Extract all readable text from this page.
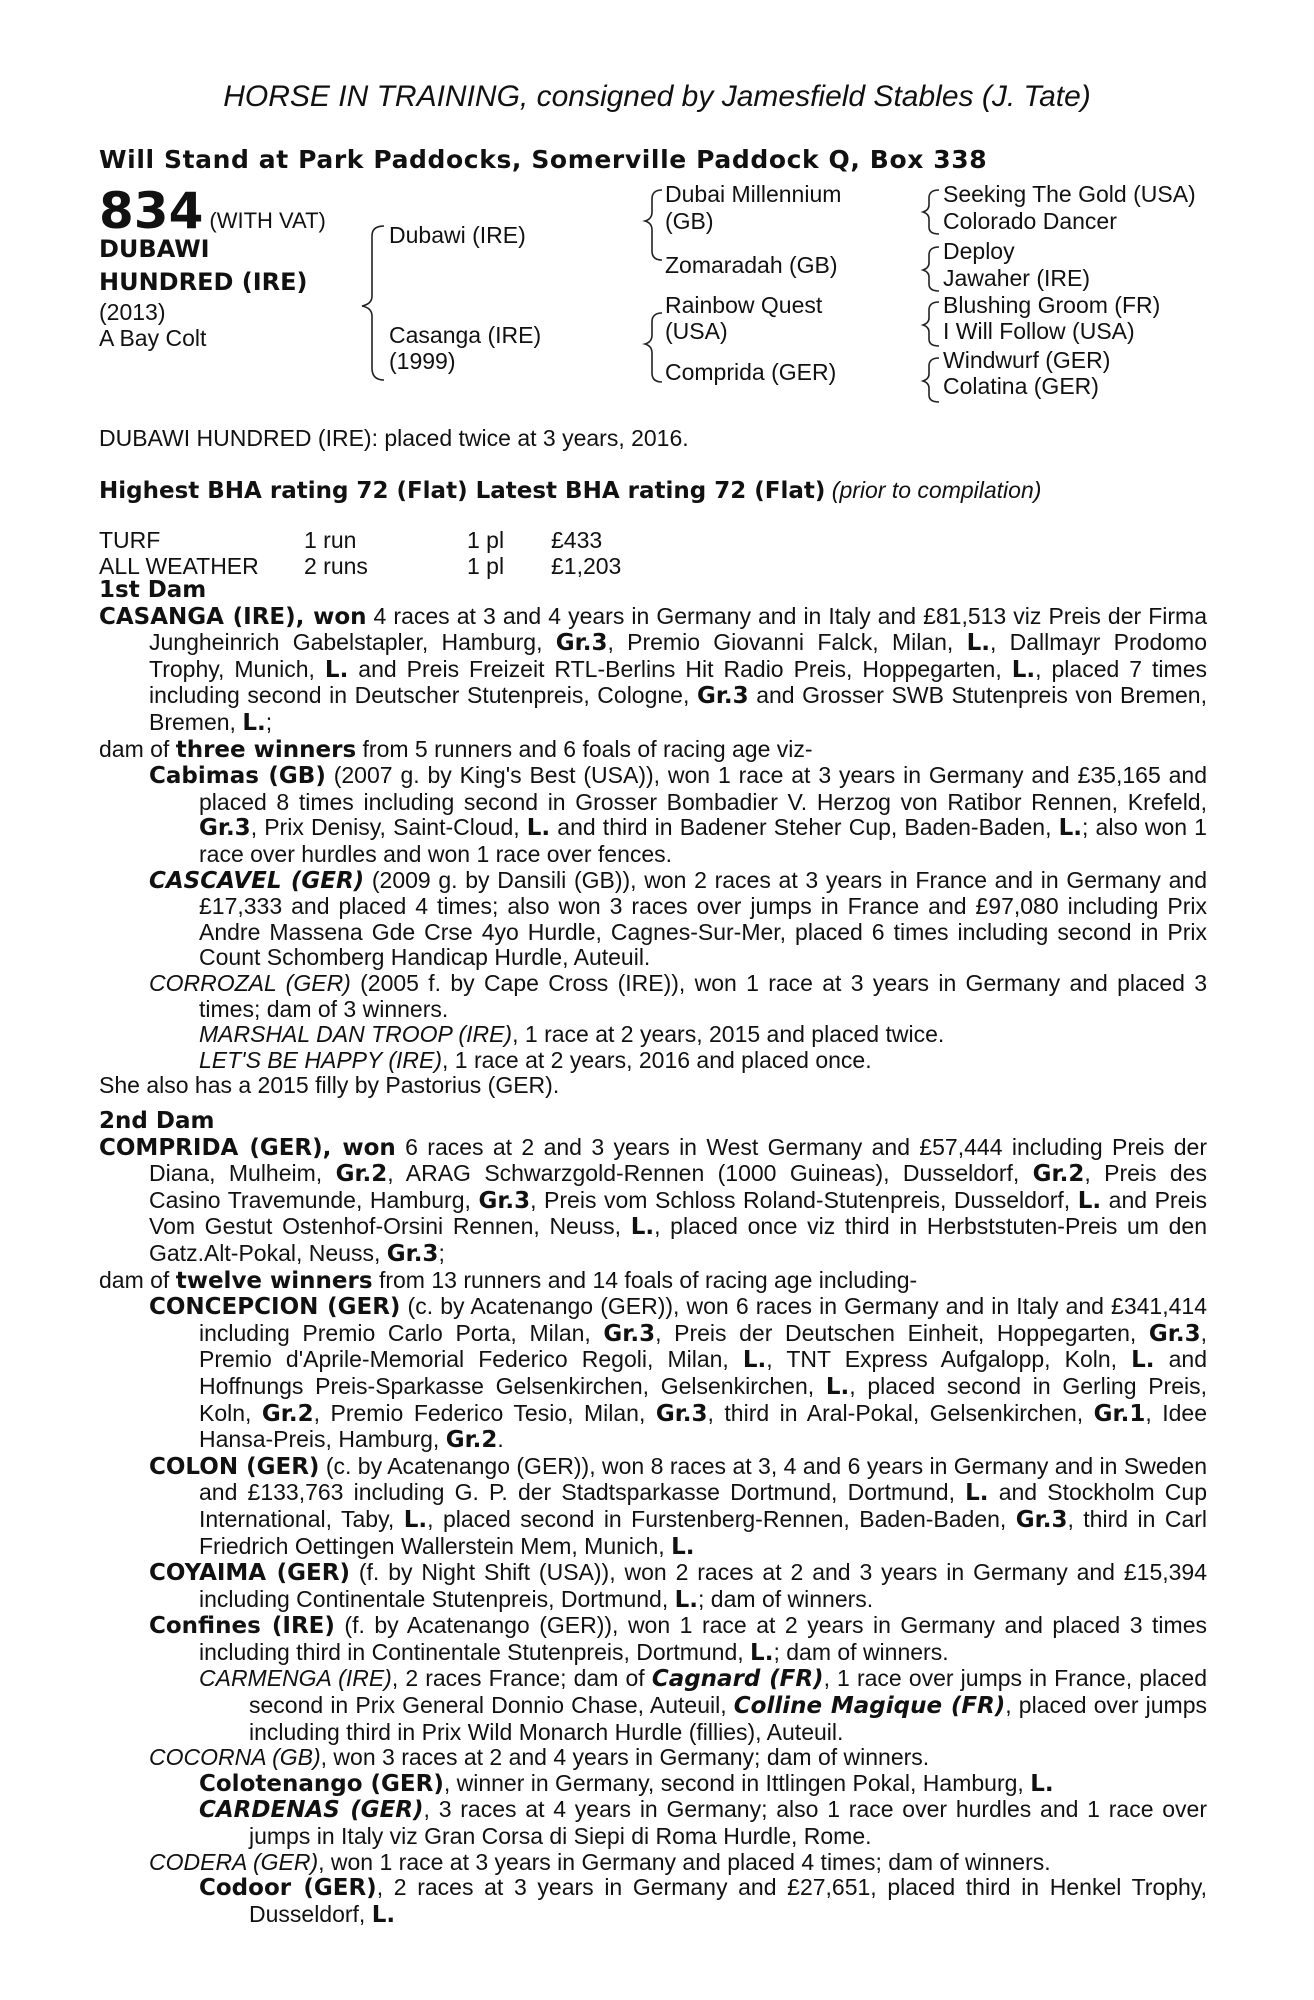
HORSE IN TRAINING, consigned by Jamesfield Stables (J. Tate)
Will Stand at Park Paddocks, Somerville Paddock Q, Box 338
834 (WITH VAT)
DUBAWI
HUNDRED (IRE)
(2013)
A Bay Colt
Dubawi (IRE)
Casanga (IRE)
(1999)
Dubai Millennium
(GB)
Zomaradah (GB)
Rainbow Quest
(USA)
Comprida (GER)
Seeking The Gold (USA)
Colorado Dancer
Deploy
Jawaher (IRE)
Blushing Groom (FR)
I Will Follow (USA)
Windwurf (GER)
Colatina (GER)
DUBAWI HUNDRED (IRE): placed twice at 3 years, 2016.
Highest BHA rating 72 (Flat) Latest BHA rating 72 (Flat) (prior to compilation)
TURF	1 run	1 pl £433
ALL WEATHER 2 runs	1 pl £1,203
1st Dam
CASANGA (IRE), won 4 races at 3 and 4 years in Germany and in Italy and £81,513 viz Preis der Firma Jungheinrich Gabelstapler, Hamburg, Gr.3, Premio Giovanni Falck, Milan, L., Dallmayr Prodomo Trophy, Munich, L. and Preis Freizeit RTL-Berlins Hit Radio Preis, Hoppegarten, L., placed 7 times including second in Deutscher Stutenpreis, Cologne, Gr.3 and Grosser SWB Stutenpreis von Bremen, Bremen, L.;
dam of three winners from 5 runners and 6 foals of racing age viz-
Cabimas (GB) (2007 g. by King's Best (USA)), won 1 race at 3 years in Germany and £35,165 and placed 8 times including second in Grosser Bombadier V. Herzog von Ratibor Rennen, Krefeld, Gr.3, Prix Denisy, Saint-Cloud, L. and third in Badener Steher Cup, Baden-Baden, L.; also won 1 race over hurdles and won 1 race over fences.
CASCAVEL (GER) (2009 g. by Dansili (GB)), won 2 races at 3 years in France and in Germany and £17,333 and placed 4 times; also won 3 races over jumps in France and £97,080 including Prix Andre Massena Gde Crse 4yo Hurdle, Cagnes-Sur-Mer, placed 6 times including second in Prix Count Schomberg Handicap Hurdle, Auteuil.
CORROZAL (GER) (2005 f. by Cape Cross (IRE)), won 1 race at 3 years in Germany and placed 3 times; dam of 3 winners.
MARSHAL DAN TROOP (IRE), 1 race at 2 years, 2015 and placed twice.
LET'S BE HAPPY (IRE), 1 race at 2 years, 2016 and placed once.
She also has a 2015 filly by Pastorius (GER).
2nd Dam
COMPRIDA (GER), won 6 races at 2 and 3 years in West Germany and £57,444 including Preis der Diana, Mulheim, Gr.2, ARAG Schwarzgold-Rennen (1000 Guineas), Dusseldorf, Gr.2, Preis des Casino Travemunde, Hamburg, Gr.3, Preis vom Schloss Roland-Stutenpreis, Dusseldorf, L. and Preis Vom Gestut Ostenhof-Orsini Rennen, Neuss, L., placed once viz third in Herbststuten-Preis um den Gatz.Alt-Pokal, Neuss, Gr.3;
dam of twelve winners from 13 runners and 14 foals of racing age including-
CONCEPCION (GER) (c. by Acatenango (GER)), won 6 races in Germany and in Italy and £341,414 including Premio Carlo Porta, Milan, Gr.3, Preis der Deutschen Einheit, Hoppegarten, Gr.3, Premio d'Aprile-Memorial Federico Regoli, Milan, L., TNT Express Aufgalopp, Koln, L. and Hoffnungs Preis-Sparkasse Gelsenkirchen, Gelsenkirchen, L., placed second in Gerling Preis, Koln, Gr.2, Premio Federico Tesio, Milan, Gr.3, third in Aral-Pokal, Gelsenkirchen, Gr.1, Idee Hansa-Preis, Hamburg, Gr.2.
COLON (GER) (c. by Acatenango (GER)), won 8 races at 3, 4 and 6 years in Germany and in Sweden and £133,763 including G. P. der Stadtsparkasse Dortmund, Dortmund, L. and Stockholm Cup International, Taby, L., placed second in Furstenberg-Rennen, Baden-Baden, Gr.3, third in Carl Friedrich Oettingen Wallerstein Mem, Munich, L.
COYAIMA (GER) (f. by Night Shift (USA)), won 2 races at 2 and 3 years in Germany and £15,394 including Continentale Stutenpreis, Dortmund, L.; dam of winners.
Confines (IRE) (f. by Acatenango (GER)), won 1 race at 2 years in Germany and placed 3 times including third in Continentale Stutenpreis, Dortmund, L.; dam of winners.
CARMENGA (IRE), 2 races France; dam of Cagnard (FR), 1 race over jumps in France, placed second in Prix General Donnio Chase, Auteuil, Colline Magique (FR), placed over jumps including third in Prix Wild Monarch Hurdle (fillies), Auteuil.
COCORNA (GB), won 3 races at 2 and 4 years in Germany; dam of winners.
Colotenango (GER), winner in Germany, second in Ittlingen Pokal, Hamburg, L.
CARDENAS (GER), 3 races at 4 years in Germany; also 1 race over hurdles and 1 race over jumps in Italy viz Gran Corsa di Siepi di Roma Hurdle, Rome.
CODERA (GER), won 1 race at 3 years in Germany and placed 4 times; dam of winners.
Codoor (GER), 2 races at 3 years in Germany and £27,651, placed third in Henkel Trophy, Dusseldorf, L.
